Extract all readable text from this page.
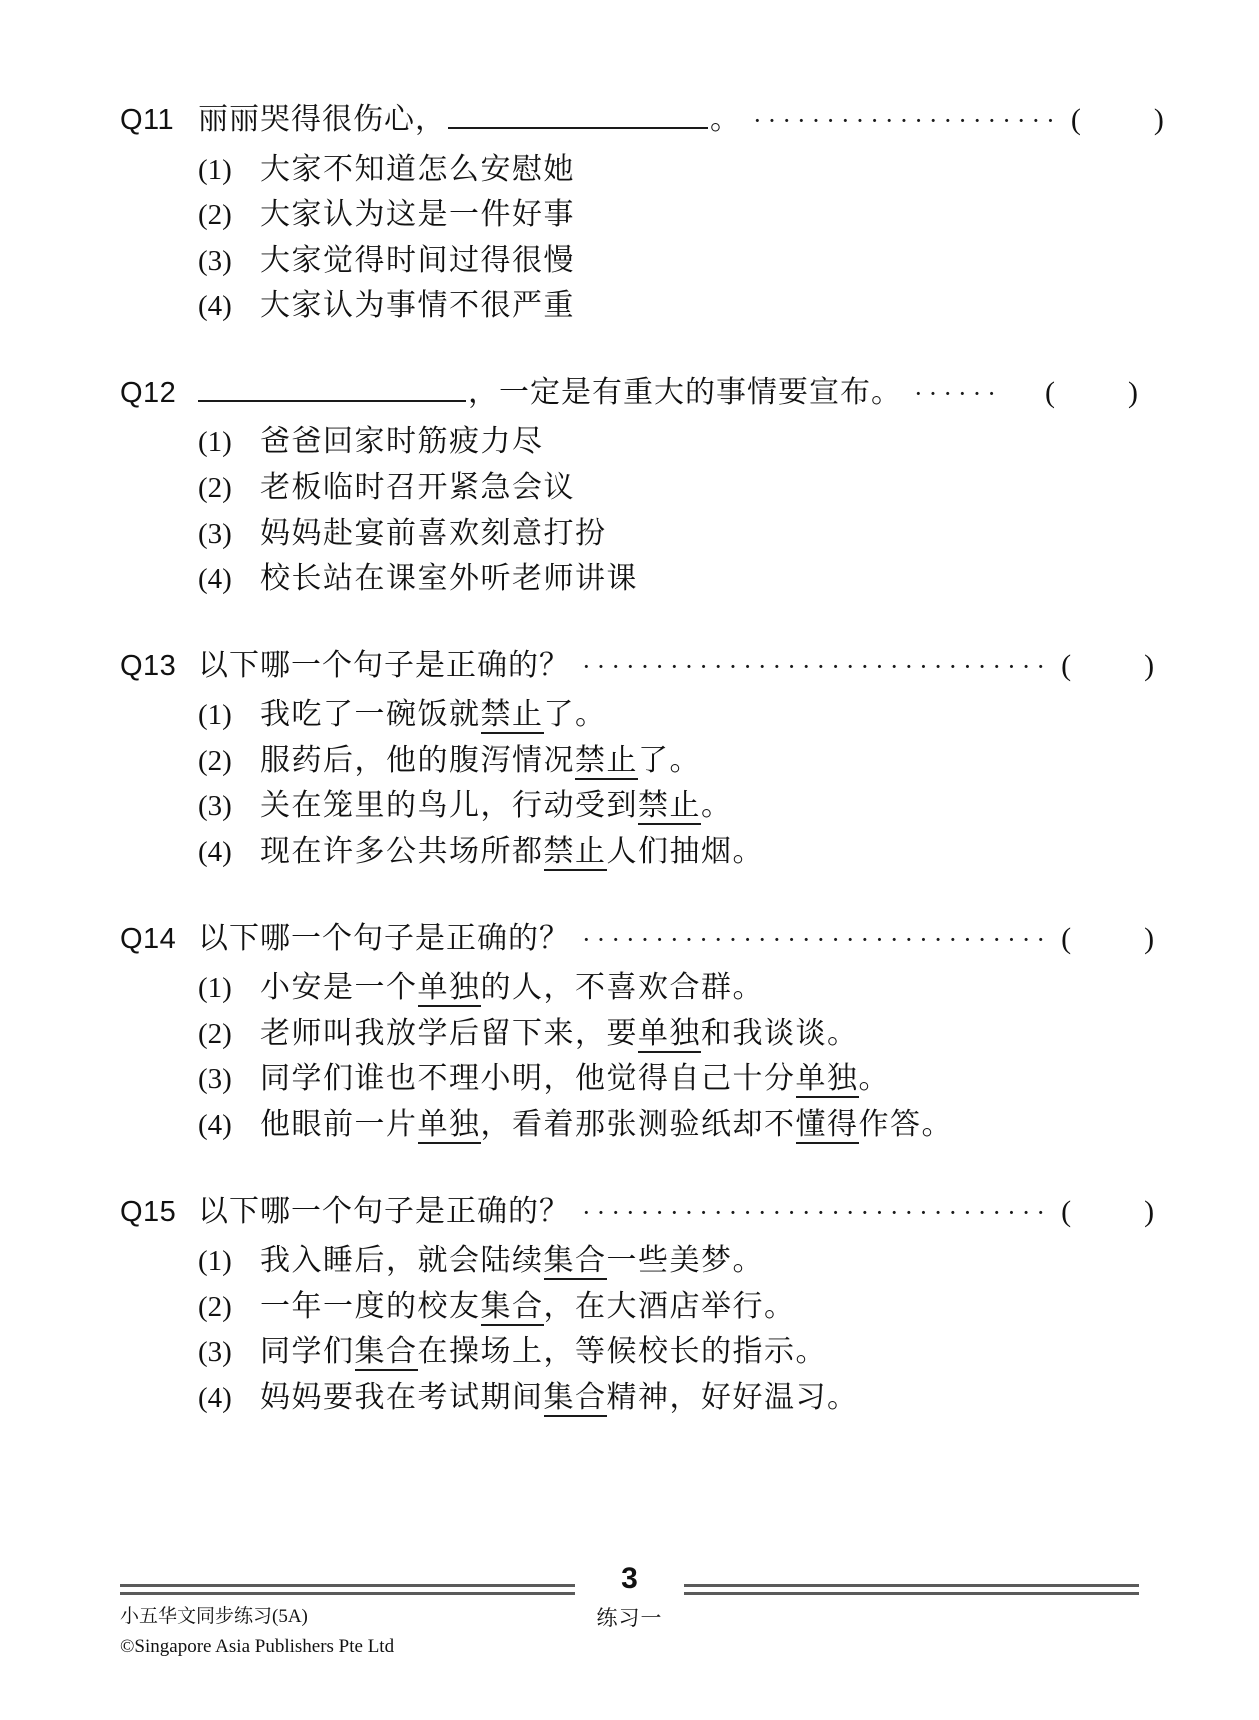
Q11 丽丽哭得很伤心，	。 ····················· ( )
(1) 大家不知道怎么安慰她
(2) 大家认为这是一件好事
(3) 大家觉得时间过得很慢
(4) 大家认为事情不很严重
Q12	，一定是有重大的事情要宣布。 ······	( )
(1) 爸爸回家时筋疲力尽
(2) 老板临时召开紧急会议
(3) 妈妈赴宴前喜欢刻意打扮
(4) 校长站在课室外听老师讲课
Q13 以下哪一个句子是正确的？ ································ ( )
(1) 我吃了一碗饭就禁止了。
(2) 服药后，他的腹泻情况禁止了。
(3) 关在笼里的鸟儿，行动受到禁止。
(4) 现在许多公共场所都禁止人们抽烟。
Q14 以下哪一个句子是正确的？ ································ ( )
(1) 小安是一个单独的人，不喜欢合群。
(2) 老师叫我放学后留下来，要单独和我谈谈。
(3) 同学们谁也不理小明，他觉得自己十分单独。
(4) 他眼前一片单独，看着那张测验纸却不懂得作答。
Q15 以下哪一个句子是正确的？ ································ ( )
(1) 我入睡后，就会陆续集合一些美梦。
(2) 一年一度的校友集合，在大酒店举行。
(3) 同学们集合在操场上，等候校长的指示。
(4) 妈妈要我在考试期间集合精神，好好温习。
3
练习一
小五华文同步练习(5A)
©Singapore Asia Publishers Pte Ltd
